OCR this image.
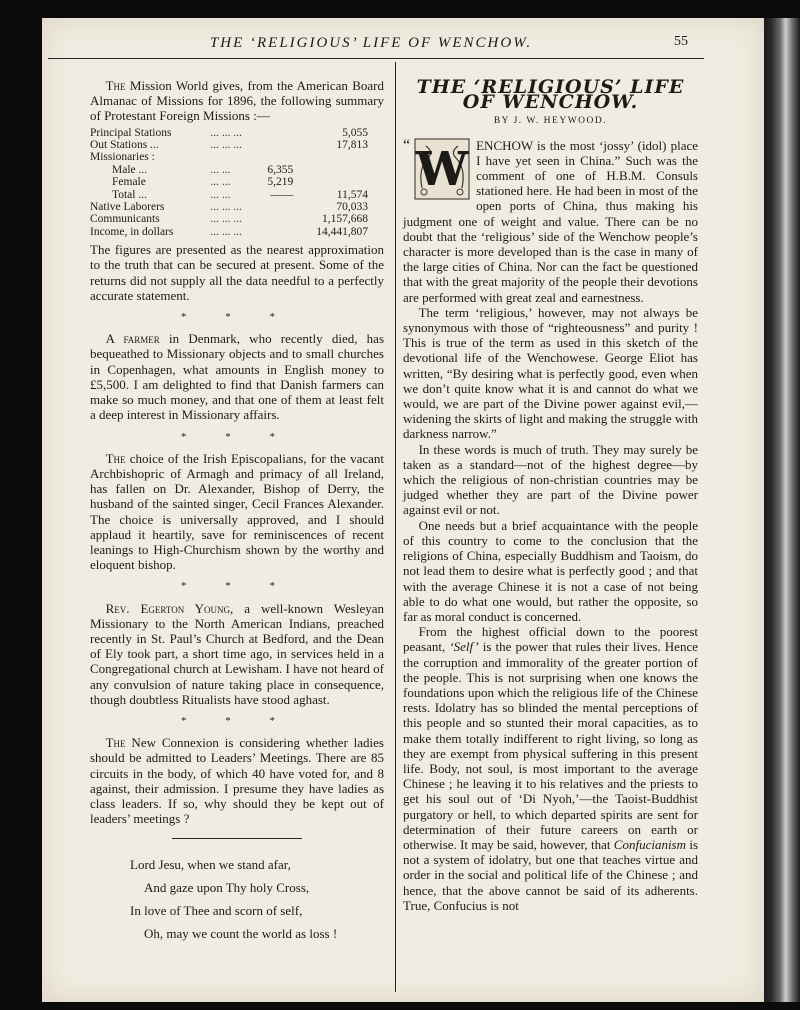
THE ‘RELIGIOUS’ LIFE OF WENCHOW.	55

The Mission World gives, from the American Board Almanac of Missions for 1896, the following summary of Protestant Foreign Missions :—

Principal Stations	... ... ...		5,055
Out Stations ...	... ... ...		17,813
Missionaries :			
Male ...	... ...	6,355	
Female	... ...	5,219	
Total ...	... ...	——	11,574
Native Laborers	... ... ...		70,033
Communicants	... ... ...		1,157,668
Income, in dollars	... ... ...		14,441,807

The figures are presented as the nearest approximation to the truth that can be secured at present. Some of the returns did not supply all the data needful to a perfectly accurate statement.

* * *

A farmer in Denmark, who recently died, has bequeathed to Missionary objects and to small churches in Copenhagen, what amounts in English money to £5,500. I am delighted to find that Danish farmers can make so much money, and that one of them at least felt a deep interest in Missionary affairs.

* * *

The choice of the Irish Episcopalians, for the vacant Archbishopric of Armagh and primacy of all Ireland, has fallen on Dr. Alexander, Bishop of Derry, the husband of the sainted singer, Cecil Frances Alexander. The choice is universally approved, and I should applaud it heartily, save for reminiscences of recent leanings to High-Churchism shown by the worthy and eloquent bishop.

* * *

Rev. Egerton Young, a well-known Wesleyan Missionary to the North American Indians, preached recently in St. Paul’s Church at Bedford, and the Dean of Ely took part, a short time ago, in services held in a Congregational church at Lewisham. I have not heard of any convulsion of nature taking place in consequence, though doubtless Ritualists have stood aghast.

* * *

The New Connexion is considering whether ladies should be admitted to Leaders’ Meetings. There are 85 circuits in the body, of which 40 have voted for, and 8 against, their admission. I presume they have ladies as class leaders. If so, why should they be kept out of leaders’ meetings ?

Lord Jesu, when we stand afar,
And gaze upon Thy holy Cross,
In love of Thee and scorn of self,
Oh, may we count the world as loss !
THE ‘RELIGIOUS’ LIFE OF WENCHOW.
BY J. W. HEYWOOD.

“ W ENCHOW is the most ‘jossy’ (idol) place I have yet seen in China.” Such was the comment of one of H.B.M. Consuls stationed here. He had been in most of the open ports of China, thus making his judgment one of weight and value. There can be no doubt that the ‘religious’ side of the Wenchow people’s character is more developed than is the case in many of the large cities of China. Nor can the fact be questioned that with the great majority of the people their devotions are performed with great zeal and earnestness.

The term ‘religious,’ however, may not always be synonymous with those of “righteousness” and purity ! This is true of the term as used in this sketch of the devotional life of the Wenchowese. George Eliot has written, “By desiring what is perfectly good, even when we don’t quite know what it is and cannot do what we would, we are part of the Divine power against evil,—widening the skirts of light and making the struggle with darkness narrow.”

In these words is much of truth. They may surely be taken as a standard—not of the highest degree—by which the religious of non-christian countries may be judged whether they are part of the Divine power against evil or not.

One needs but a brief acquaintance with the people of this country to come to the conclusion that the religions of China, especially Buddhism and Taoism, do not lead them to desire what is perfectly good ; and that with the average Chinese it is not a case of not being able to do what one would, but rather the opposite, so far as moral conduct is concerned.

From the highest official down to the poorest peasant, ‘Self’ is the power that rules their lives. Hence the corruption and immorality of the greater portion of the people. This is not surprising when one knows the foundations upon which the religious life of the Chinese rests. Idolatry has so blinded the mental perceptions of this people and so stunted their moral capacities, as to make them totally indifferent to right living, so long as they are exempt from physical suffering in this present life. Body, not soul, is most important to the average Chinese ; he leaving it to his relatives and the priests to get his soul out of ‘Di Nyoh,’—the Taoist-Buddhist purgatory or hell, to which departed spirits are sent for determination of their future careers on earth or otherwise. It may be said, however, that Confucianism is not a system of idolatry, but one that teaches virtue and order in the social and political life of the Chinese ; and hence, that the above cannot be said of its adherents. True, Confucius is not
